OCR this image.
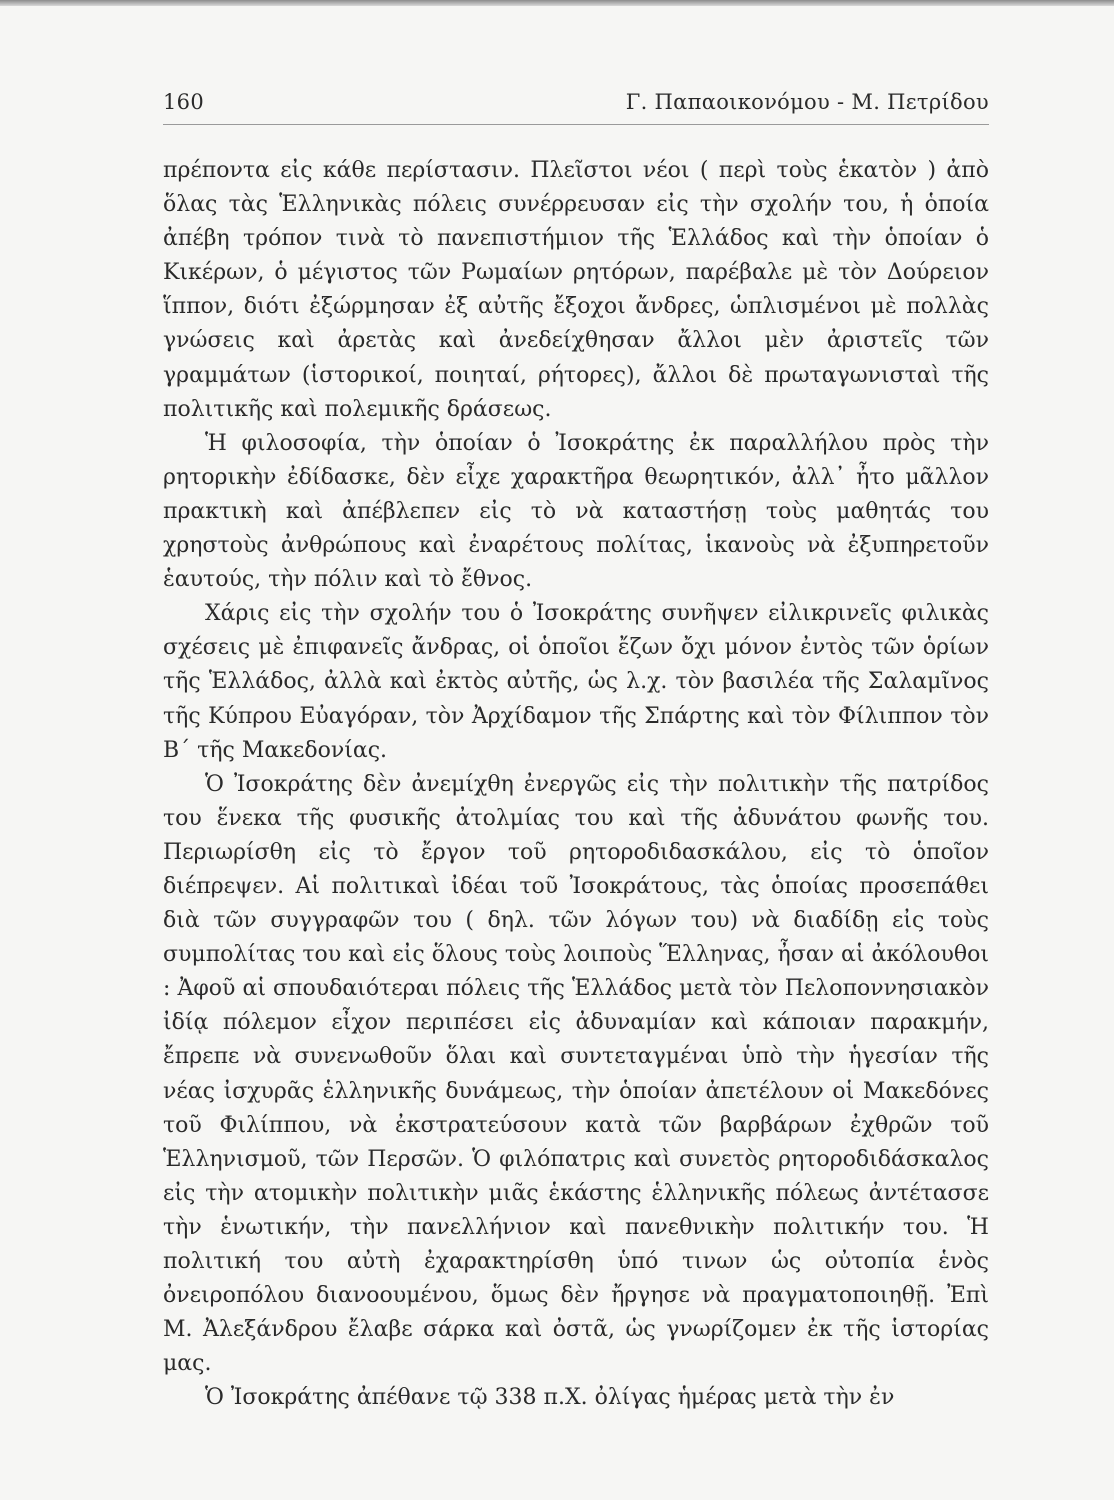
160	Γ. Παπαοικονόμου - Μ. Πετρίδου

πρέποντα εἰς κάθε περίστασιν. Πλεῖστοι νέοι ( περὶ τοὺς ἑκατὸν ) ἀπὸ ὅλας τὰς Ἑλληνικὰς πόλεις συνέρρευσαν εἰς τὴν σχολήν του, ἡ ὁποία ἀπέβη τρόπον τινὰ τὸ πανεπιστήμιον τῆς Ἑλλάδος καὶ τὴν ὁποίαν ὁ Κικέρων, ὁ μέγιστος τῶν Ρωμαίων ρητόρων, παρέβαλε μὲ τὸν Δούρειον ἵππον, διότι ἐξώρμησαν ἐξ αὐτῆς ἔξοχοι ἄνδρες, ὡπλισμένοι μὲ πολλὰς γνώσεις καὶ ἀρετὰς καὶ ἀνεδείχθησαν ἄλλοι μὲν ἀριστεῖς τῶν γραμμάτων (ἱστορικοί, ποιηταί, ρήτορες), ἄλλοι δὲ πρωταγωνισταὶ τῆς πολιτικῆς καὶ πολεμικῆς δράσεως.

Ἡ φιλοσοφία, τὴν ὁποίαν ὁ Ἰσοκράτης ἐκ παραλλήλου πρὸς τὴν ρητορικὴν ἐδίδασκε, δὲν εἶχε χαρακτῆρα θεωρητικόν, ἀλλ᾽ ἦτο μᾶλλον πρακτικὴ καὶ ἀπέβλεπεν εἰς τὸ νὰ καταστήσῃ τοὺς μαθητάς του χρηστοὺς ἀνθρώπους καὶ ἐναρέτους πολίτας, ἱκανοὺς νὰ ἐξυπηρετοῦν ἑαυτούς, τὴν πόλιν καὶ τὸ ἔθνος.

Χάρις εἰς τὴν σχολήν του ὁ Ἰσοκράτης συνῆψεν εἰλικρινεῖς φιλικὰς σχέσεις μὲ ἐπιφανεῖς ἄνδρας, οἱ ὁποῖοι ἔζων ὄχι μόνον ἐντὸς τῶν ὁρίων τῆς Ἑλλάδος, ἀλλὰ καὶ ἐκτὸς αὐτῆς, ὡς λ.χ. τὸν βασιλέα τῆς Σαλαμῖνος τῆς Κύπρου Εὐαγόραν, τὸν Ἀρχίδαμον τῆς Σπάρτης καὶ τὸν Φίλιππον τὸν Β΄ τῆς Μακεδονίας.

Ὁ Ἰσοκράτης δὲν ἀνεμίχθη ἐνεργῶς εἰς τὴν πολιτικὴν τῆς πατρίδος του ἕνεκα τῆς φυσικῆς ἀτολμίας του καὶ τῆς ἀδυνάτου φωνῆς του. Περιωρίσθη εἰς τὸ ἔργον τοῦ ρητοροδιδασκάλου, εἰς τὸ ὁποῖον διέπρεψεν. Αἱ πολιτικαὶ ἰδέαι τοῦ Ἰσοκράτους, τὰς ὁποίας προσεπάθει διὰ τῶν συγγραφῶν του ( δηλ. τῶν λόγων του) νὰ διαδίδῃ εἰς τοὺς συμπολίτας του καὶ εἰς ὅλους τοὺς λοιποὺς Ἕλληνας, ἦσαν αἱ ἀκόλουθοι : Ἀφοῦ αἱ σπουδαιότεραι πόλεις τῆς Ἑλλάδος μετὰ τὸν Πελοποννησιακὸν ἰδίᾳ πόλεμον εἶχον περιπέσει εἰς ἀδυναμίαν καὶ κάποιαν παρακμήν, ἔπρεπε νὰ συνενωθοῦν ὅλαι καὶ συντεταγμέναι ὑπὸ τὴν ἡγεσίαν τῆς νέας ἰσχυρᾶς ἑλληνικῆς δυνάμεως, τὴν ὁποίαν ἀπετέλουν οἱ Μακεδόνες τοῦ Φιλίππου, νὰ ἐκστρατεύσουν κατὰ τῶν βαρβάρων ἐχθρῶν τοῦ Ἑλληνισμοῦ, τῶν Περσῶν. Ὁ φιλόπατρις καὶ συνετὸς ρητοροδιδάσκαλος εἰς τὴν ατομικὴν πολιτικὴν μιᾶς ἑκάστης ἑλληνικῆς πόλεως ἀντέτασσε τὴν ἑνωτικήν, τὴν πανελλήνιον καὶ πανεθνικὴν πολιτικήν του. Ἡ πολιτική του αὐτὴ ἐχαρακτηρίσθη ὑπό τινων ὡς οὐτοπία ἑνὸς ὀνειροπόλου διανοουμένου, ὅμως δὲν ἤργησε νὰ πραγματοποιηθῇ. Ἐπὶ Μ. Ἀλεξάνδρου ἔλαβε σάρκα καὶ ὀστᾶ, ὡς γνωρίζομεν ἐκ τῆς ἱστορίας μας.

Ὁ Ἰσοκράτης ἀπέθανε τῷ 338 π.Χ. ὀλίγας ἡμέρας μετὰ τὴν ἐν
